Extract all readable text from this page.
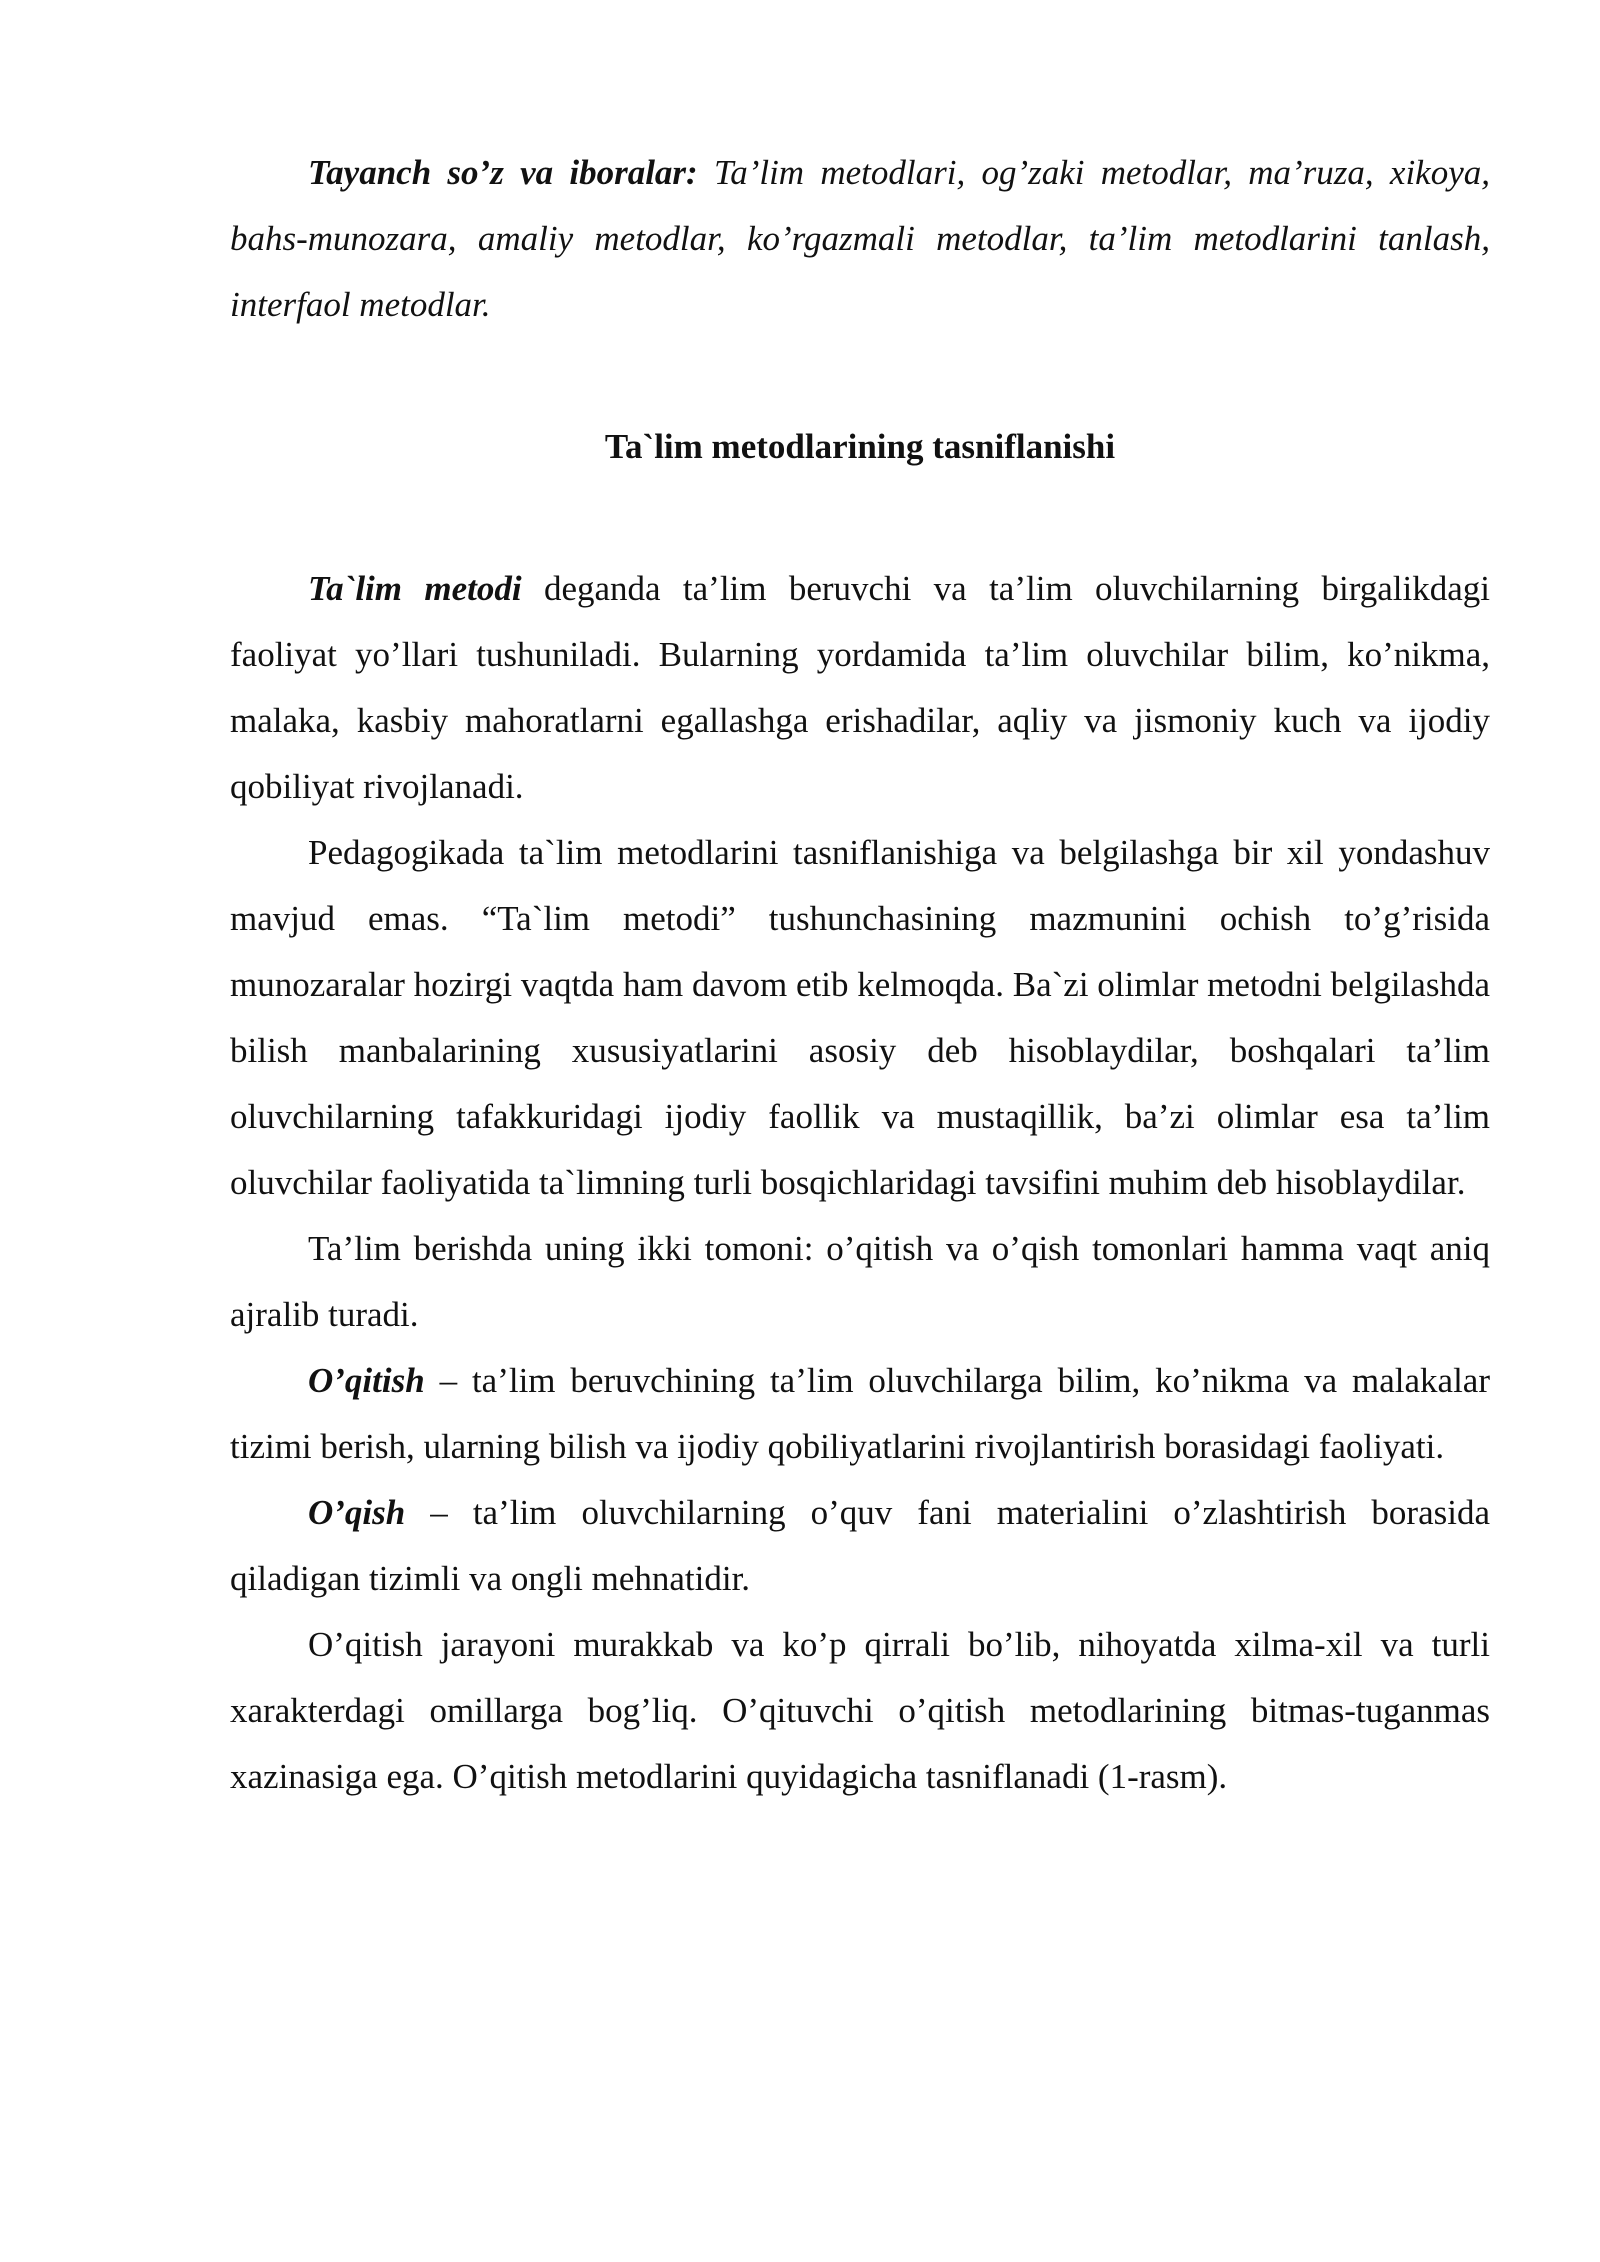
Tayanch so’z va iboralar: Ta’lim metodlari, og’zaki metodlar, ma’ruza, xikoya, bahs-munozara, amaliy metodlar, ko’rgazmali metodlar, ta’lim metodlarini tanlash, interfaol metodlar.

Ta`lim metodlarining tasniflanishi

Ta`lim metodi deganda ta’lim beruvchi va ta’lim oluvchilarning birgalikdagi faoliyat yo’llari tushuniladi. Bularning yordamida ta’lim oluvchilar bilim, ko’nikma, malaka, kasbiy mahoratlarni egallashga erishadilar, aqliy va jismoniy kuch va ijodiy qobiliyat rivojlanadi.

Pedagogikada ta`lim metodlarini tasniflanishiga va belgilashga bir xil yondashuv mavjud emas. “Ta`lim metodi” tushunchasining mazmunini ochish to’g’risida munozaralar hozirgi vaqtda ham davom etib kelmoqda. Ba`zi olimlar metodni belgilashda bilish manbalarining xususiyatlarini asosiy deb hisoblaydilar, boshqalari ta’lim oluvchilarning tafakkuridagi ijodiy faollik va mustaqillik, ba’zi olimlar esa ta’lim oluvchilar faoliyatida ta`limning turli bosqichlaridagi tavsifini muhim deb hisoblaydilar.

Ta’lim berishda uning ikki tomoni: o’qitish va o’qish tomonlari hamma vaqt aniq ajralib turadi.

O’qitish – ta’lim beruvchining ta’lim oluvchilarga bilim, ko’nikma va malakalar tizimi berish, ularning bilish va ijodiy qobiliyatlarini rivojlantirish borasidagi faoliyati.

O’qish – ta’lim oluvchilarning o’quv fani materialini o’zlashtirish borasida qiladigan tizimli va ongli mehnatidir.

O’qitish jarayoni murakkab va ko’p qirrali bo’lib, nihoyatda xilma-xil va turli xarakterdagi omillarga bog’liq. O’qituvchi o’qitish metodlarining bitmas-tuganmas xazinasiga ega. O’qitish metodlarini quyidagicha tasniflanadi (1-rasm).
